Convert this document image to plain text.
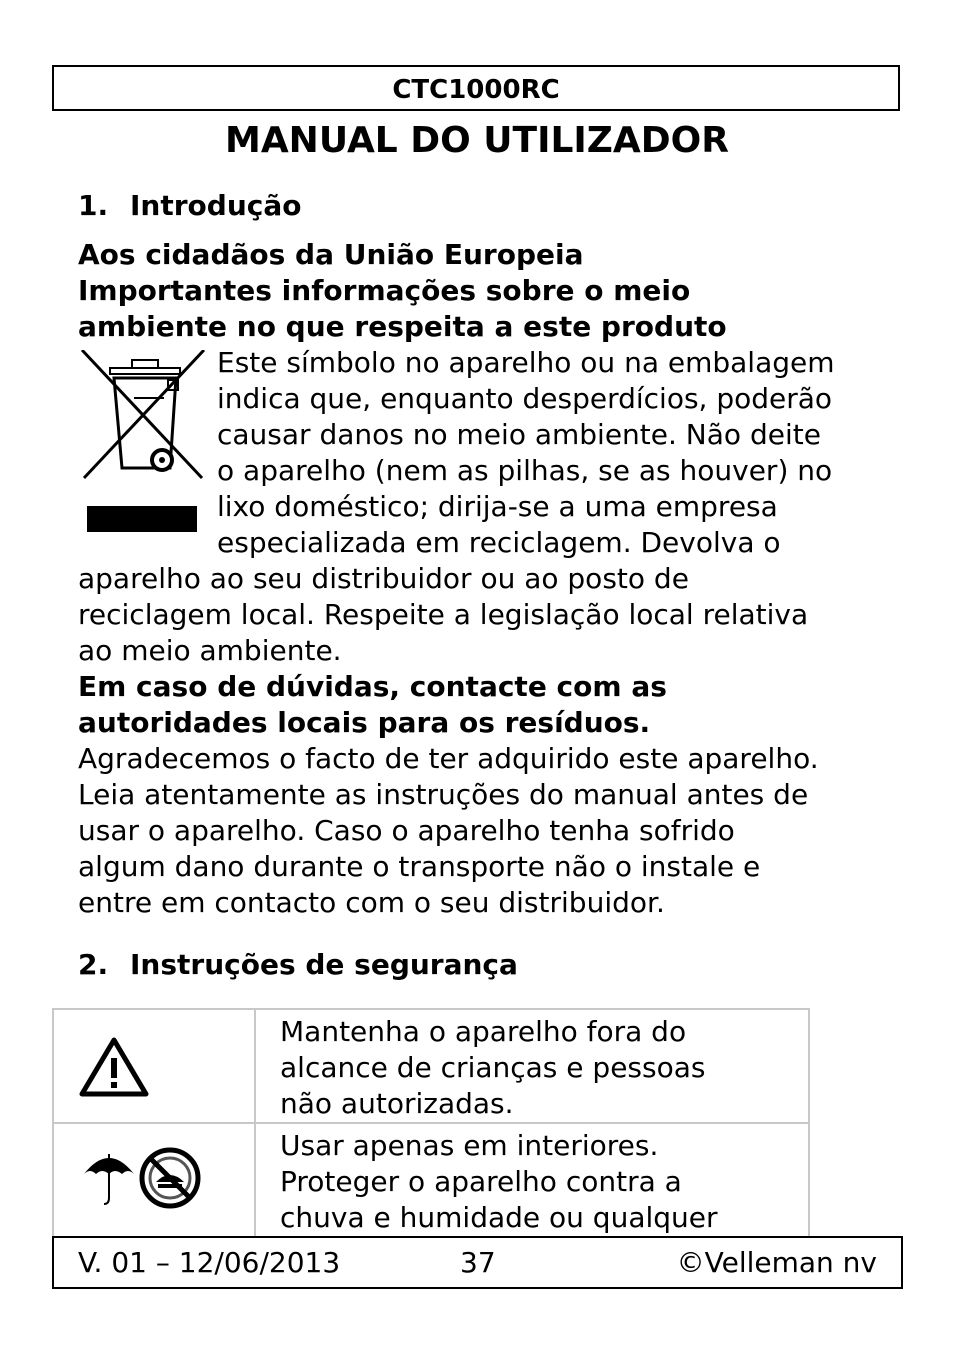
CTC1000RC
MANUAL DO UTILIZADOR
1. Introdução
Aos cidadãos da União Europeia
Importantes informações sobre o meio
ambiente no que respeita a este produto
Este símbolo no aparelho ou na embalagem
indica que, enquanto desperdícios, poderão
causar danos no meio ambiente. Não deite
o aparelho (nem as pilhas, se as houver) no
lixo doméstico; dirija-se a uma empresa
especializada em reciclagem. Devolva o
aparelho ao seu distribuidor ou ao posto de
reciclagem local. Respeite a legislação local relativa
ao meio ambiente.
Em caso de dúvidas, contacte com as
autoridades locais para os resíduos.
Agradecemos o facto de ter adquirido este aparelho.
Leia atentamente as instruções do manual antes de
usar o aparelho. Caso o aparelho tenha sofrido
algum dano durante o transporte não o instale e
entre em contacto com o seu distribuidor.
2. Instruções de segurança

Mantenha o aparelho fora do
alcance de crianças e pessoas
não autorizadas.

Usar apenas em interiores.
Proteger o aparelho contra a
chuva e humidade ou qualquer
V. 01 – 12/06/2013	37	©Velleman nv
